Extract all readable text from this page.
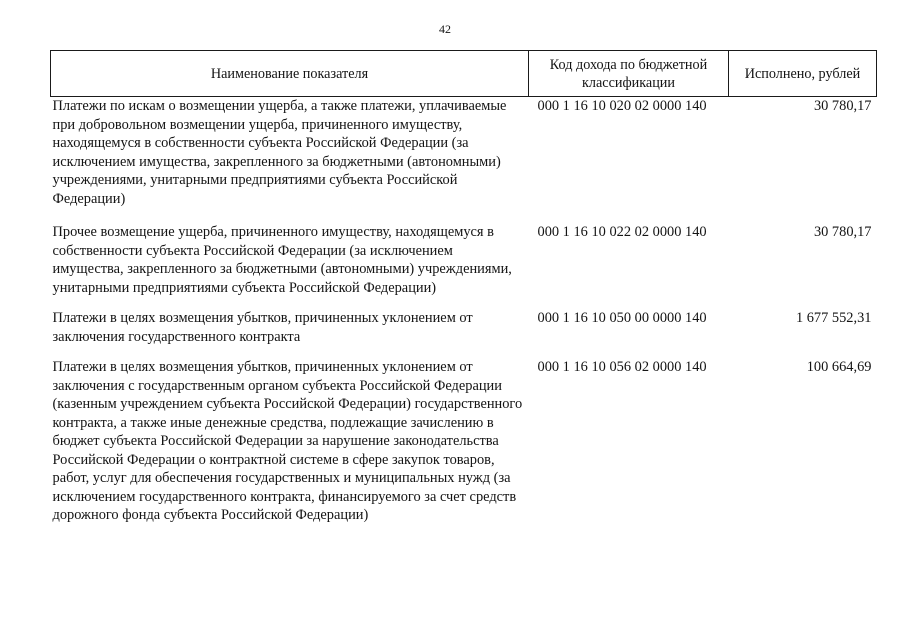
42
Наименование показателя	Код дохода по бюджетной классификации	Исполнено, рублей
Платежи по искам о возмещении ущерба, а также платежи, уплачиваемые при добровольном возмещении ущерба, причиненного имуществу, находящемуся в собственности субъекта Российской Федерации (за исключением имущества, закрепленного за бюджетными (автономными) учреждениями, унитарными предприятиями субъекта Российской Федерации)	000 1 16 10 020 02 0000 140	30 780,17
Прочее возмещение ущерба, причиненного имуществу, находящемуся в собственности субъекта Российской Федерации (за исключением имущества, закрепленного за бюджетными (автономными) учреждениями, унитарными предприятиями субъекта Российской Федерации)	000 1 16 10 022 02 0000 140	30 780,17
Платежи в целях возмещения убытков, причиненных уклонением от заключения государственного контракта	000 1 16 10 050 00 0000 140	1 677 552,31
Платежи в целях возмещения убытков, причиненных уклонением от заключения с государственным органом субъекта Российской Федерации (казенным учреждением субъекта Российской Федерации) государственного контракта, а также иные денежные средства, подлежащие зачислению в бюджет субъекта Российской Федерации за нарушение законодательства Российской Федерации о контрактной системе в сфере закупок товаров, работ, услуг для обеспечения государственных и муниципальных нужд (за исключением государственного контракта, финансируемого за счет средств дорожного фонда субъекта Российской Федерации)	000 1 16 10 056 02 0000 140	100 664,69
